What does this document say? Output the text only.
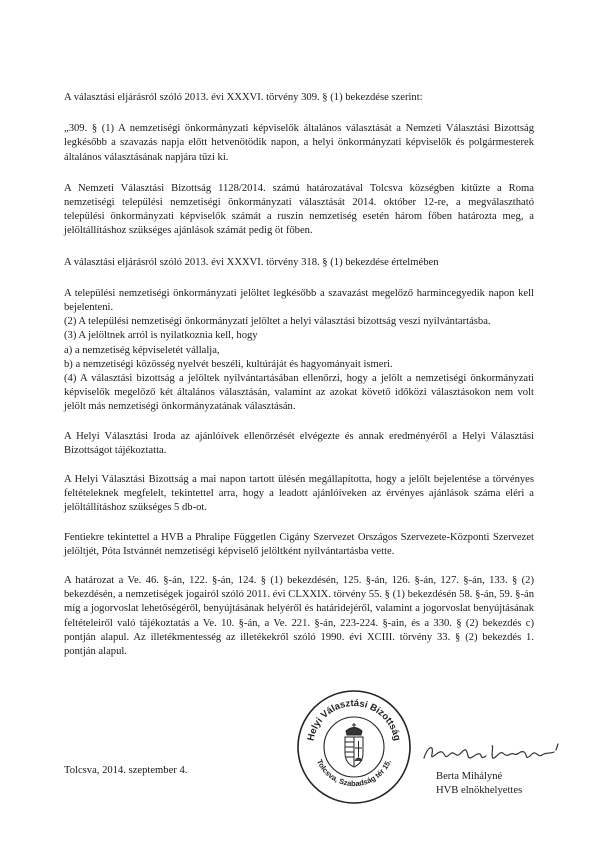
A választási eljárásról szóló 2013. évi XXXVI. törvény 309. § (1) bekezdése szerint:

„309. § (1) A nemzetiségi önkormányzati képviselők általános választását a Nemzeti Választási Bizottság legkésőbb a szavazás napja előtt hetvenötödik napon, a helyi önkormányzati képviselők és polgármesterek általános választásának napjára tűzi ki.

A Nemzeti Választási Bizottság 1128/2014. számú határozatával Tolcsva községben kitűzte a Roma nemzetiségi települési nemzetiségi önkormányzati választását 2014. október 12-re, a megválasztható települési önkormányzati képviselők számát a ruszin nemzetiség esetén három főben határozta meg, a jelöltállításhoz szükséges ajánlások számát pedig öt főben.

A választási eljárásról szóló 2013. évi XXXVI. törvény 318. § (1) bekezdése értelmében

A települési nemzetiségi önkormányzati jelöltet legkésőbb a szavazást megelőző harmincegyedik napon kell bejelenteni.

(2) A települési nemzetiségi önkormányzati jelöltet a helyi választási bizottság veszi nyilvántartásba.

(3) A jelöltnek arról is nyilatkoznia kell, hogy

a) a nemzetiség képviseletét vállalja,

b) a nemzetiségi közösség nyelvét beszéli, kultúráját és hagyományait ismeri.

(4) A választási bizottság a jelöltek nyilvántartásában ellenőrzi, hogy a jelölt a nemzetiségi önkormányzati képviselők megelőző két általános választásán, valamint az azokat követő időközi választásokon nem volt jelölt más nemzetiségi önkormányzatának választásán.

A Helyi Választási Iroda az ajánlóívek ellenőrzését elvégezte és annak eredményéről a Helyi Választási Bizottságot tájékoztatta.

A Helyi Választási Bizottság a mai napon tartott ülésén megállapította, hogy a jelölt bejelentése a törvényes feltételeknek megfelelt, tekintettel arra, hogy a leadott ajánlóíveken az érvényes ajánlások száma eléri a jelöltállításhoz szükséges 5 db-ot.

Fentiekre tekintettel a HVB a Phralipe Független Cigány Szervezet Országos Szervezete-Központi Szervezet jelöltjét, Póta Istvánnét nemzetiségi képviselő jelöltként nyilvántartásba vette.

A határozat a Ve. 46. §-án, 122. §-án, 124. § (1) bekezdésén, 125. §-án, 126. §-án, 127. §-án, 133. § (2) bekezdésén, a nemzetiségek jogairól szóló 2011. évi CLXXIX. törvény 55. § (1) bekezdésén 58. §-án, 59. §-án míg a jogorvoslat lehetőségéről, benyújtásának helyéről és határidejéről, valamint a jogorvoslat benyújtásának feltételeiről való tájékoztatás a Ve. 10. §-án, a Ve. 221. §-án, 223-224. §-ain, és a 330. § (2) bekezdés c) pontján alapul. Az illetékmentesség az illetékekről szóló 1990. évi XCIII. törvény 33. § (2) bekezdés 1. pontján alapul.

Tolcsva, 2014. szeptember 4.
Helyi Választási Bizottság
Tolcsva, Szabadság tér 15.
Berta Mihályné
HVB elnökhelyettes
